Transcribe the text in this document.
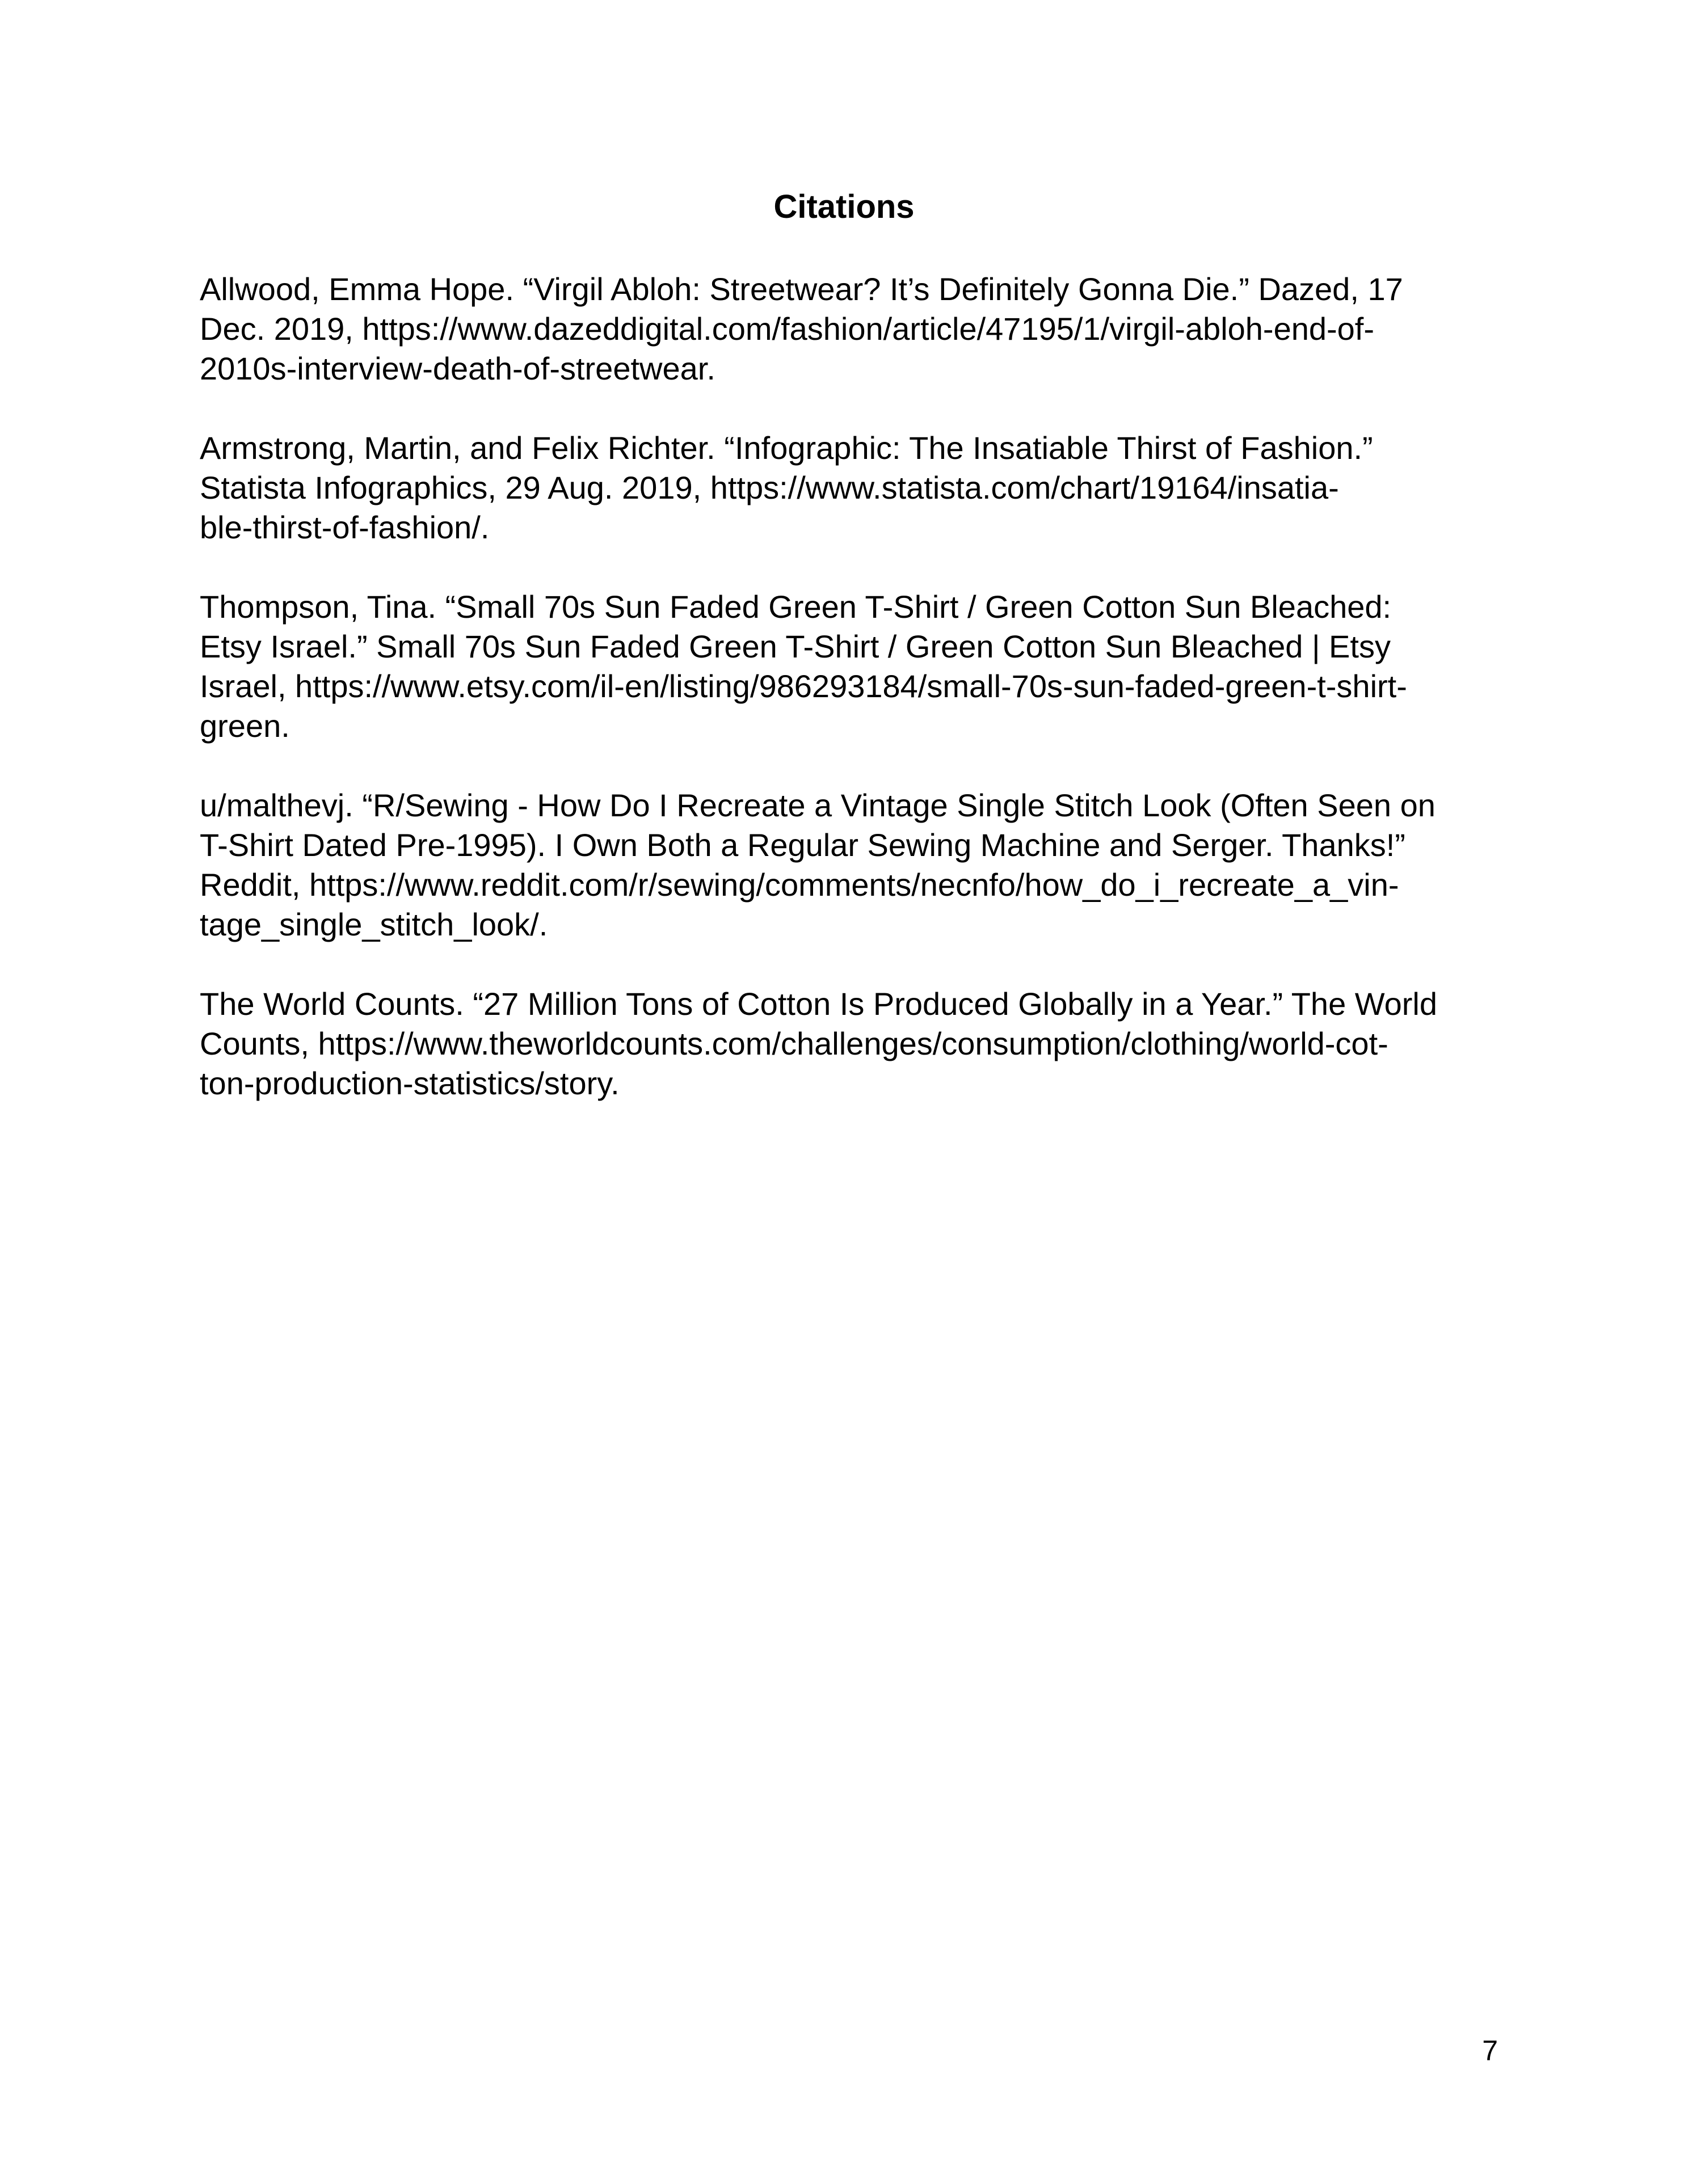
Citations
Allwood, Emma Hope. “Virgil Abloh: Streetwear? It’s Definitely Gonna Die.” Dazed, 17
Dec. 2019, https://www.dazeddigital.com/fashion/article/47195/1/virgil-abloh-end-of-
2010s-interview-death-of-streetwear.
Armstrong, Martin, and Felix Richter. “Infographic: The Insatiable Thirst of Fashion.”
Statista Infographics, 29 Aug. 2019, https://www.statista.com/chart/19164/insatia-
ble-thirst-of-fashion/.
Thompson, Tina. “Small 70s Sun Faded Green T-Shirt / Green Cotton Sun Bleached:
Etsy Israel.” Small 70s Sun Faded Green T-Shirt / Green Cotton Sun Bleached | Etsy
Israel, https://www.etsy.com/il-en/listing/986293184/small-70s-sun-faded-green-t-shirt-
green.
u/malthevj. “R/Sewing - How Do I Recreate a Vintage Single Stitch Look (Often Seen on
T-Shirt Dated Pre-1995). I Own Both a Regular Sewing Machine and Serger. Thanks!”
Reddit, https://www.reddit.com/r/sewing/comments/necnfo/how_do_i_recreate_a_vin-
tage_single_stitch_look/.
The World Counts. “27 Million Tons of Cotton Is Produced Globally in a Year.” The World
Counts, https://www.theworldcounts.com/challenges/consumption/clothing/world-cot-
ton-production-statistics/story.
7
